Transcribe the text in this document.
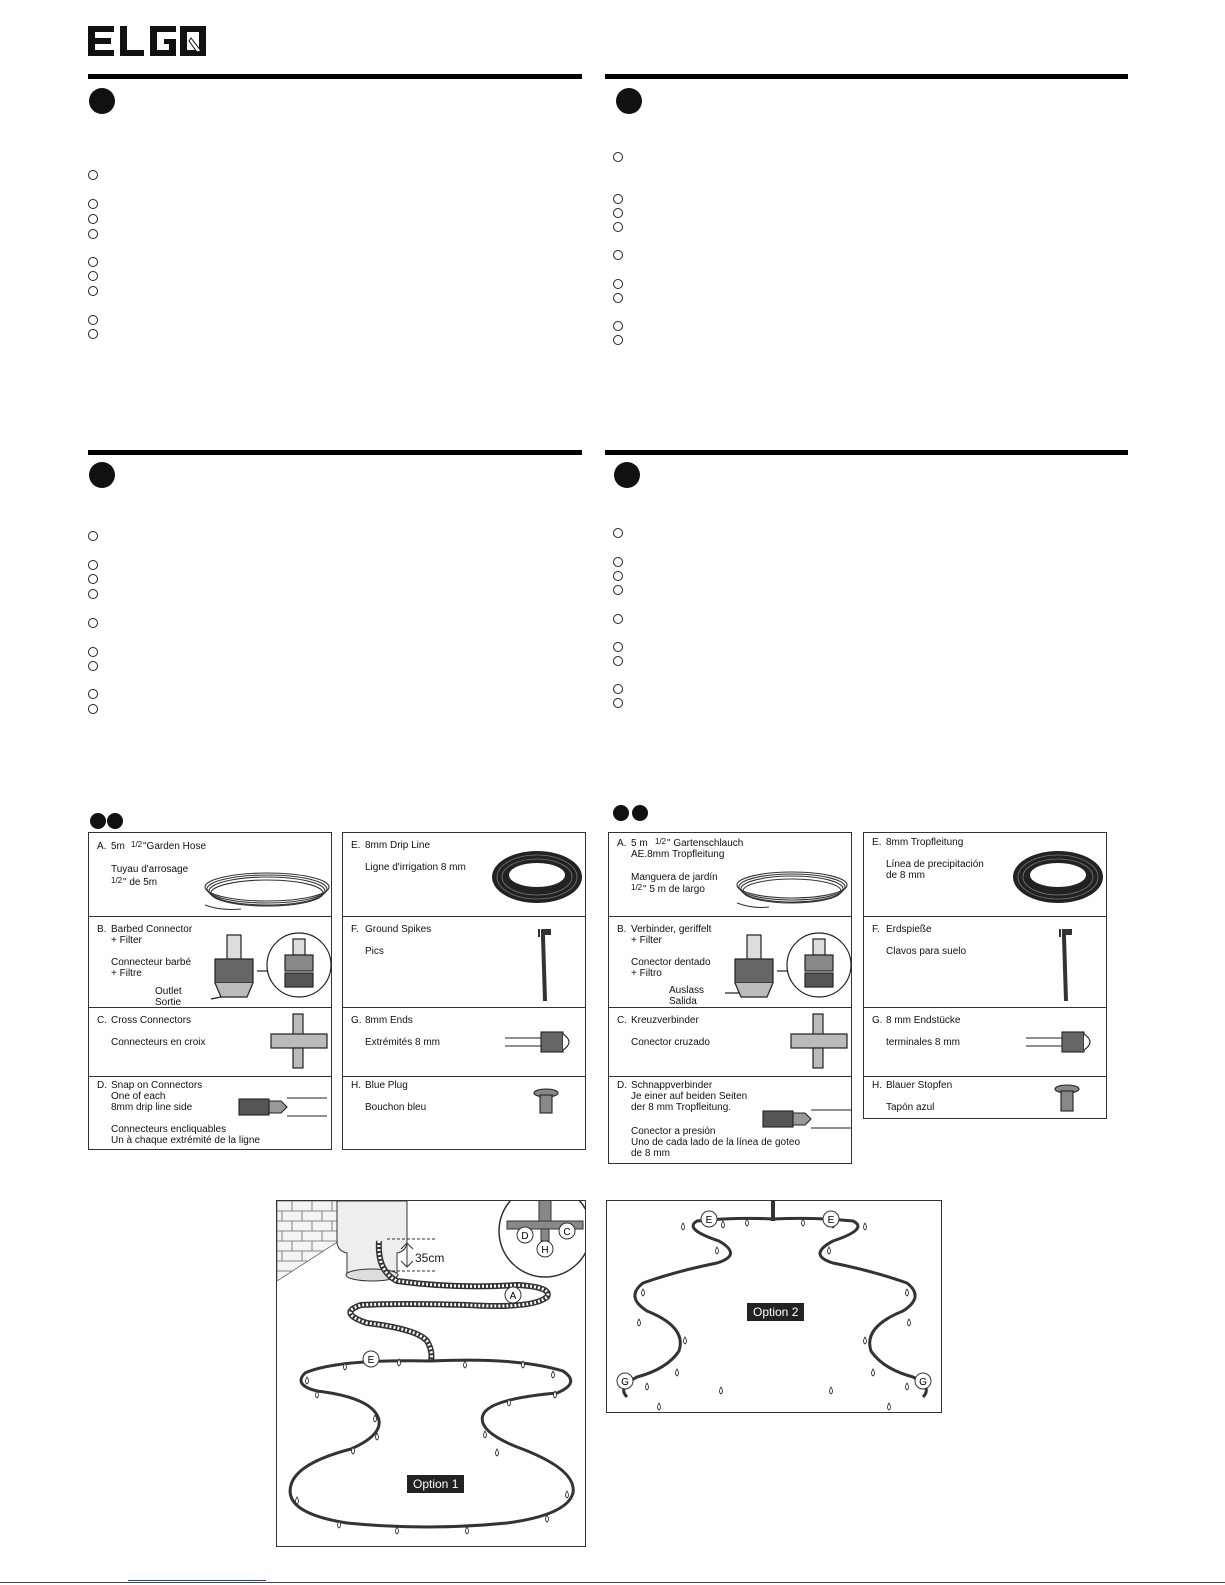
A. 5m 1/2 "Garden Hose
Tuyau d'arrosage
1/2 " de 5m
B. Barbed Connector
+ Filter
Connecteur barbé
+ Filtre
Outlet
Sortie
C. Cross Connectors
Connecteurs en croix
D. Snap on Connectors
One of each
8mm drip line side
Connecteurs encliquables
Un à chaque extrémité de la ligne
E. 8mm Drip Line
Ligne d'irrigation 8 mm
F. Ground Spikes
Pics
G. 8mm Ends
Extrémités 8 mm
H. Blue Plug
Bouchon bleu
A. 5 m 1/2 " Gartenschlauch
AE.8mm Tropfleitung
Manguera de jardín
1/2 " 5 m de largo
B. Verbinder, geriffelt
+ Filter
Conector dentado
+ Filtro
Auslass
Salida
C. Kreuzverbinder
Conector cruzado
D. Schnappverbinder
Je einer auf beiden Seiten
der 8 mm Tropfleitung.
Conector a presión
Uno de cada lado de la línea de goteo
de 8 mm
E. 8mm Tropfleitung
Línea de precipitación
de 8 mm
F. Erdspieße
Clavos para suelo
G. 8 mm Endstücke
terminales 8 mm
H. Blauer Stopfen
Tapón azul
Option 1
35cm
A
B
C
D
E
H
Option 2
E	E
G	G
